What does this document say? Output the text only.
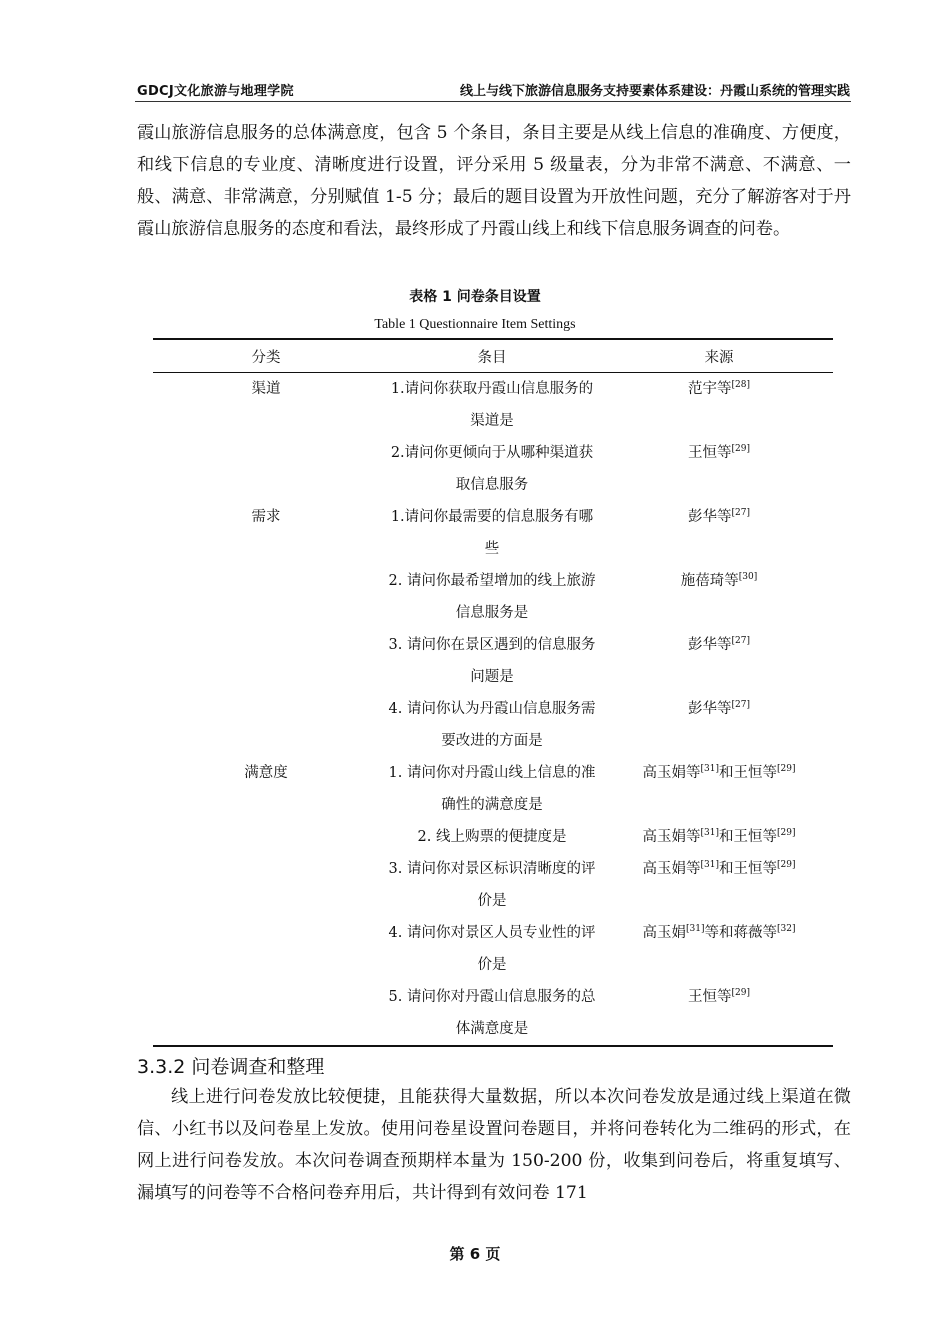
GDCJ文化旅游与地理学院	线上与线下旅游信息服务支持要素体系建设：丹霞山系统的管理实践

霞山旅游信息服务的总体满意度，包含 5 个条目，条目主要是从线上信息的准确度、方便度，和线下信息的专业度、清晰度进行设置，评分采用 5 级量表，分为非常不满意、不满意、一般、满意、非常满意，分别赋值 1-5 分；最后的题目设置为开放性问题，充分了解游客对于丹霞山旅游信息服务的态度和看法，最终形成了丹霞山线上和线下信息服务调查的问卷。

表格 1 问卷条目设置
Table 1 Questionnaire Item Settings
分类	条目	来源
渠道	1.请问你获取丹霞山信息服务的渠道是	范宇等[28]
	2.请问你更倾向于从哪种渠道获取信息服务	王恒等[29]
需求	1.请问你最需要的信息服务有哪些	彭华等[27]
	2. 请问你最希望增加的线上旅游信息服务是	施蓓琦等[30]
	3. 请问你在景区遇到的信息服务问题是	彭华等[27]
	4. 请问你认为丹霞山信息服务需要改进的方面是	彭华等[27]
满意度	1. 请问你对丹霞山线上信息的准确性的满意度是	高玉娟等[31]和王恒等[29]
	2. 线上购票的便捷度是	高玉娟等[31]和王恒等[29]
	3. 请问你对景区标识清晰度的评价是	高玉娟等[31]和王恒等[29]
	4. 请问你对景区人员专业性的评价是	高玉娟[31]等和蒋薇等[32]
	5. 请问你对丹霞山信息服务的总体满意度是	王恒等[29]
3.3.2 问卷调查和整理

线上进行问卷发放比较便捷，且能获得大量数据，所以本次问卷发放是通过线上渠道在微信、小红书以及问卷星上发放。使用问卷星设置问卷题目，并将问卷转化为二维码的形式，在网上进行问卷发放。本次问卷调查预期样本量为 150-200 份，收集到问卷后，将重复填写、漏填写的问卷等不合格问卷弃用后，共计得到有效问卷 171

第 6 页
